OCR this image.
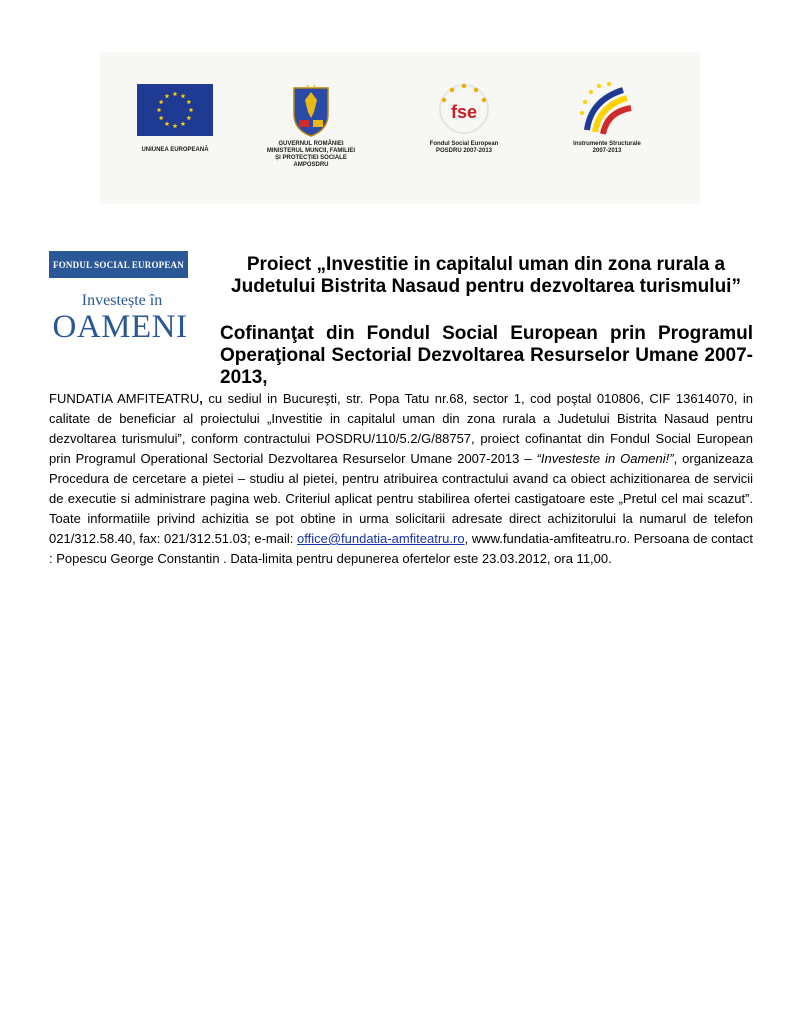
UNIUNEA EUROPEANĂ
GUVERNUL ROMÂNIEI
MINISTERUL MUNCII, FAMILIEI
ȘI PROTECȚIEI SOCIALE
AMPOSDRU
fse
Fondul Social European
POSDRU 2007-2013
Instrumente Structurale
2007-2013
FONDUL SOCIAL EUROPEAN
Investește în
OAMENI
Proiect „Investitie in capitalul uman din zona rurala a Judetului Bistrita Nasaud pentru dezvoltarea turismului”
Cofinanţat din Fondul Social European prin Programul Operaţional Sectorial Dezvoltarea Resurselor Umane 2007- 2013,
FUNDATIA AMFITEATRU, cu sediul in Bucureşti, str. Popa Tatu nr.68, sector 1, cod poştal 010806, CIF 13614070, in calitate de beneficiar al proiectului „Investitie in capitalul uman din zona rurala a Judetului Bistrita Nasaud pentru dezvoltarea turismului”, conform contractului POSDRU/110/5.2/G/88757, proiect cofinantat din Fondul Social European prin Programul Operational Sectorial Dezvoltarea Resurselor Umane 2007-2013 – “Investeste in Oameni!”, organizeaza Procedura de cercetare a pietei – studiu al pietei, pentru atribuirea contractului avand ca obiect achizitionarea de servicii de executie si administrare pagina web. Criteriul aplicat pentru stabilirea ofertei castigatoare este „Pretul cel mai scazut”. Toate informatiile privind achizitia se pot obtine in urma solicitarii adresate direct achizitorului la numarul de telefon 021/312.58.40, fax: 021/312.51.03; e-mail: office@fundatia-amfiteatru.ro, www.fundatia-amfiteatru.ro. Persoana de contact : Popescu George Constantin . Data-limita pentru depunerea ofertelor este 23.03.2012, ora 11,00.
